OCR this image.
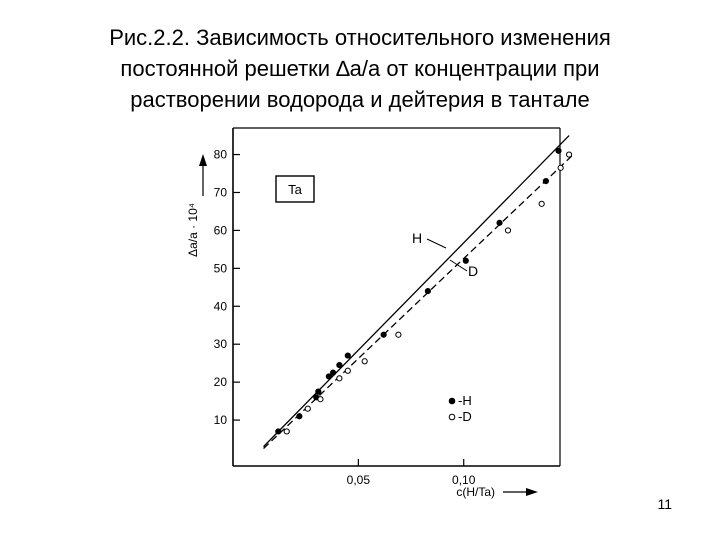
Рис.2.2. Зависимость относительного изменения
постоянной решетки ∆a/a от концентрации при
растворении водорода и дейтерия в тантале
10
20
30
40
50
60
70
80
0,05	0,10
Δa/a · 10⁴
c(H/Ta)
Ta
H
D
-H
-D
11
